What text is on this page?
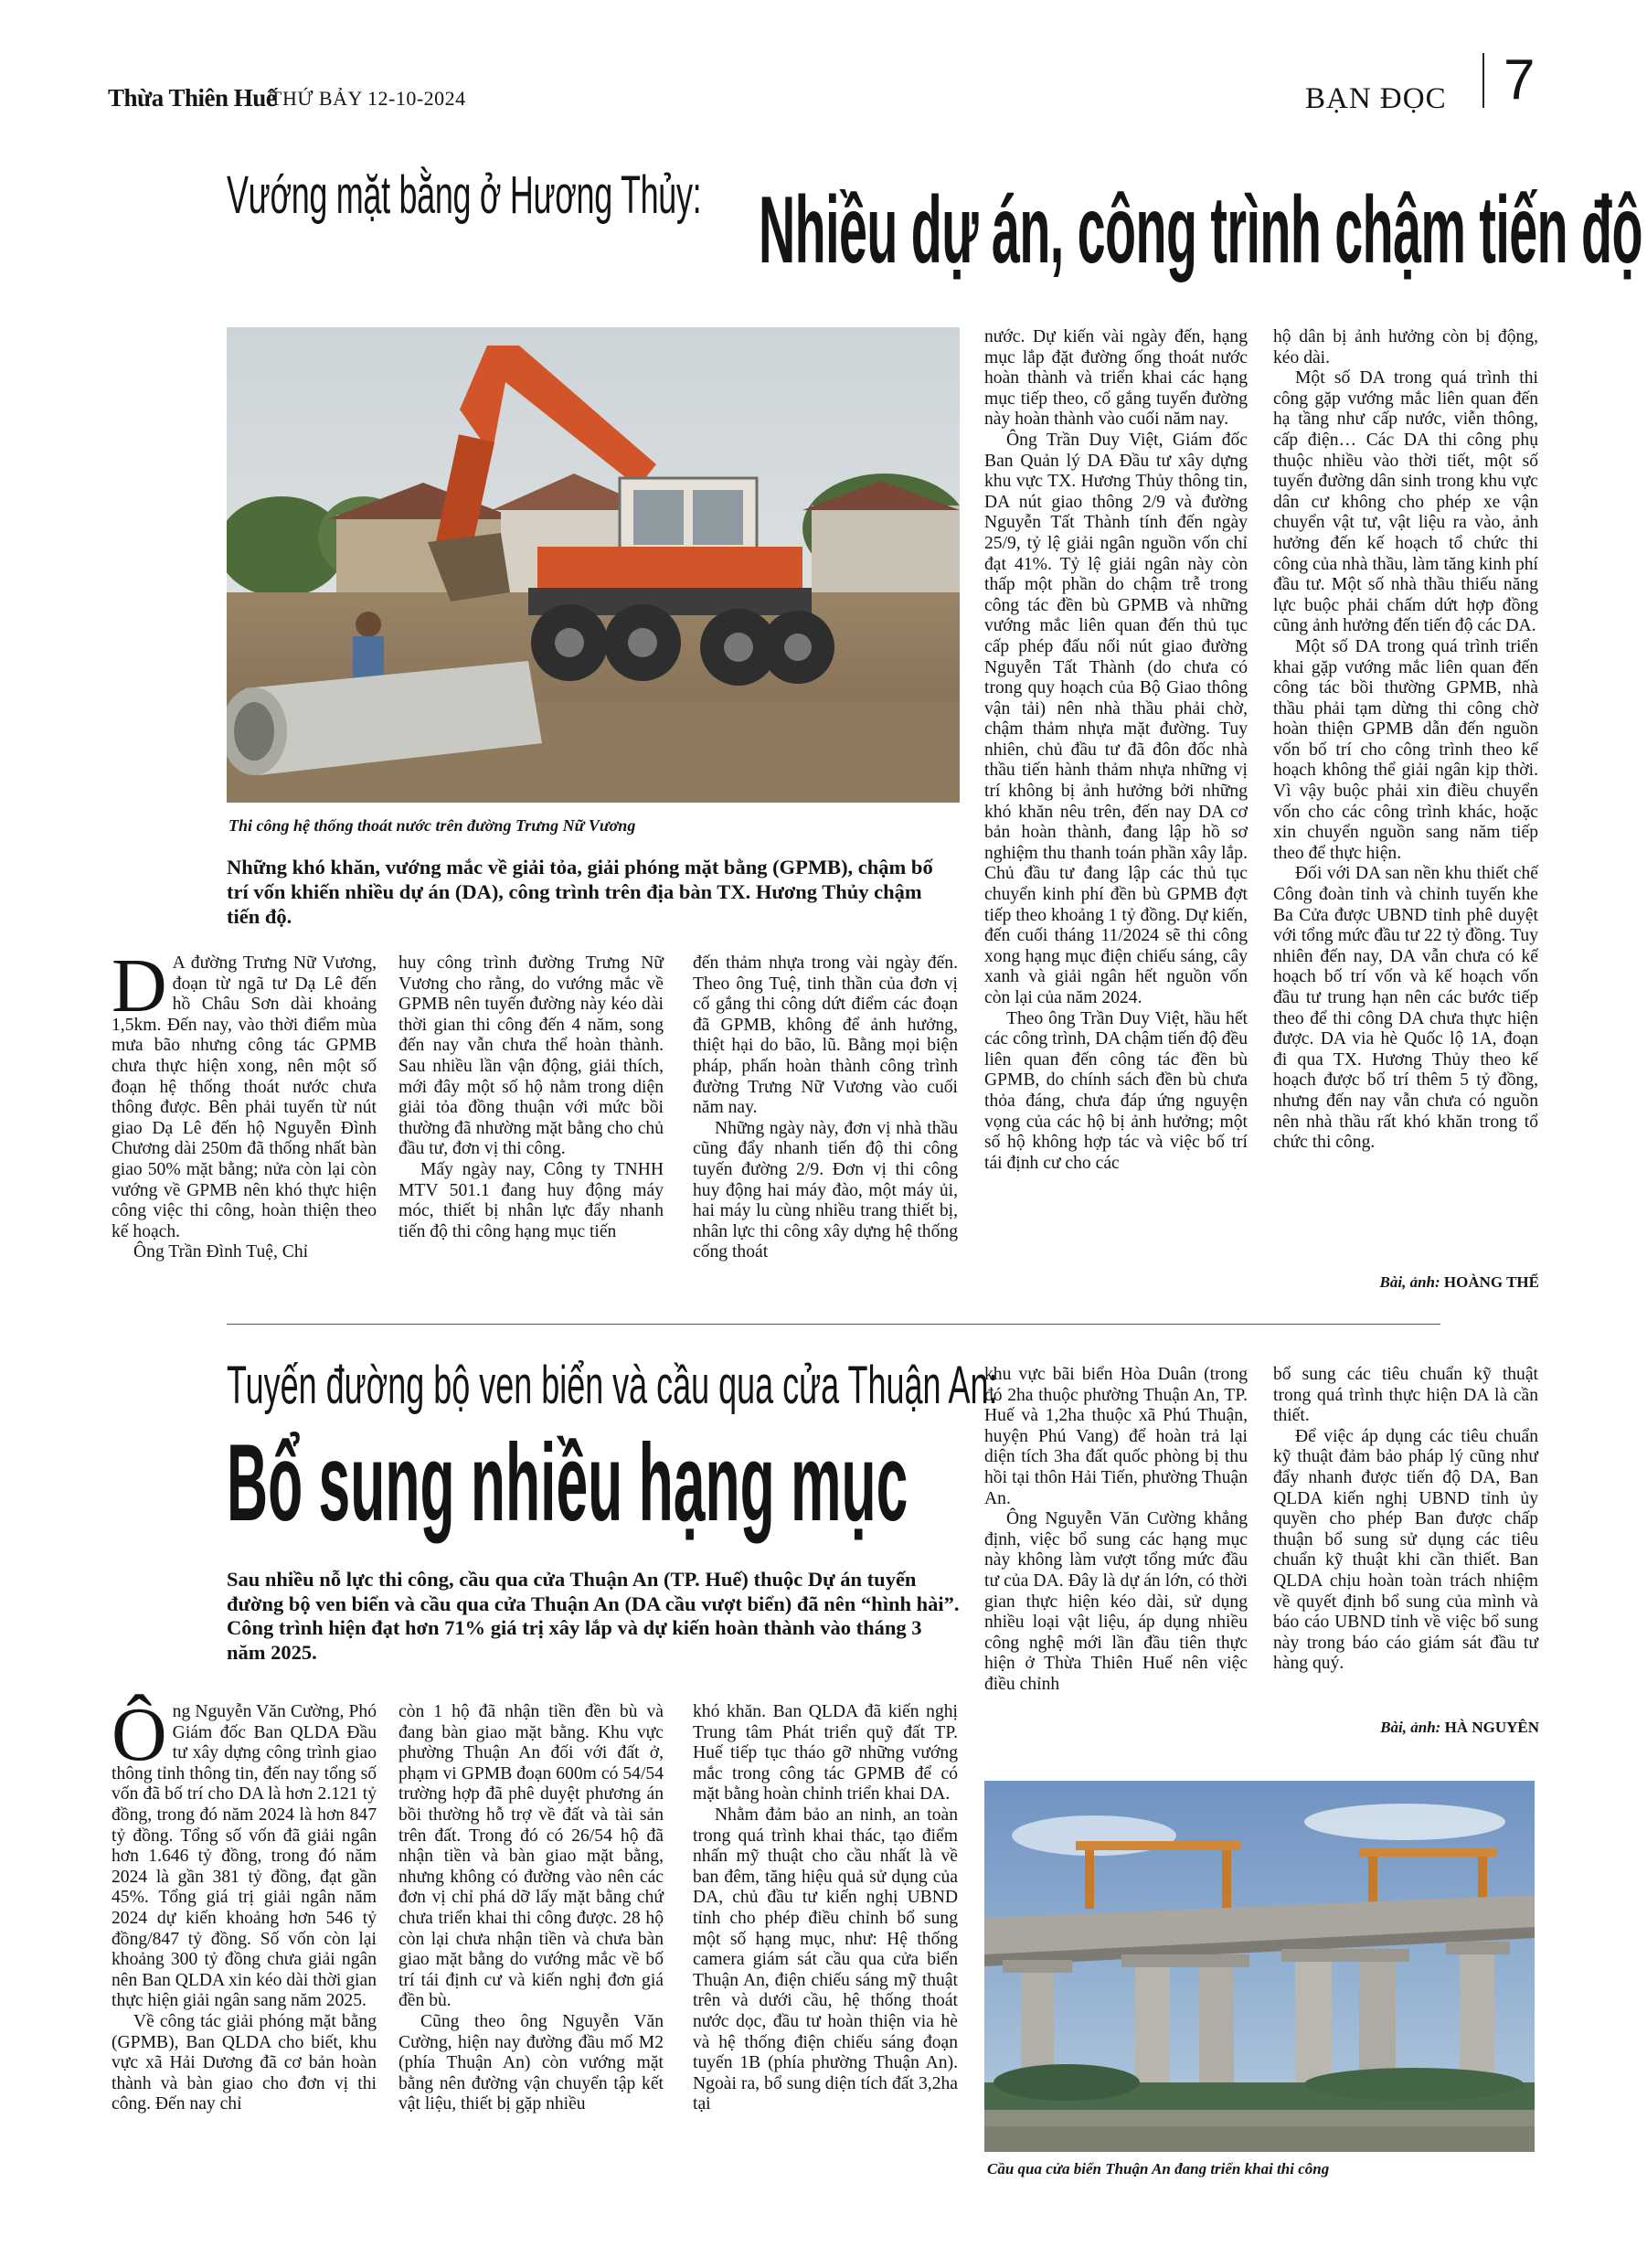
Thừa Thiên Huế
THỨ BẢY 12-10-2024	BẠN ĐỌC 7
Vướng mặt bằng ở Hương Thủy: Nhiều dự án, công trình chậm tiến độ
Thi công hệ thống thoát nước trên đường Trưng Nữ Vương
Những khó khăn, vướng mắc về giải tỏa, giải phóng mặt bằng (GPMB), chậm bố trí vốn khiến nhiều dự án (DA), công trình trên địa bàn TX. Hương Thủy chậm tiến độ.

D A đường Trưng Nữ Vương, đoạn từ ngã tư Dạ Lê đến hồ Châu Sơn dài khoảng 1,5km. Đến nay, vào thời điểm mùa mưa bão nhưng công tác GPMB chưa thực hiện xong, nên một số đoạn hệ thống thoát nước chưa thông được. Bên phải tuyến từ nút giao Dạ Lê đến hộ Nguyễn Đình Chương dài 250m đã thống nhất bàn giao 50% mặt bằng; nửa còn lại còn vướng về GPMB nên khó thực hiện công việc thi công, hoàn thiện theo kế hoạch.

Ông Trần Đình Tuệ, Chỉ

huy công trình đường Trưng Nữ Vương cho rằng, do vướng mắc về GPMB nên tuyến đường này kéo dài thời gian thi công đến 4 năm, song đến nay vẫn chưa thể hoàn thành. Sau nhiều lần vận động, giải thích, mới đây một số hộ nằm trong diện giải tỏa đồng thuận với mức bồi thường đã nhường mặt bằng cho chủ đầu tư, đơn vị thi công.

Mấy ngày nay, Công ty TNHH MTV 501.1 đang huy động máy móc, thiết bị nhân lực đẩy nhanh tiến độ thi công hạng mục tiến

đến thảm nhựa trong vài ngày đến. Theo ông Tuệ, tinh thần của đơn vị cố gắng thi công dứt điểm các đoạn đã GPMB, không để ảnh hưởng, thiệt hại do bão, lũ. Bằng mọi biện pháp, phấn hoàn thành công trình đường Trưng Nữ Vương vào cuối năm nay.

Những ngày này, đơn vị nhà thầu cũng đẩy nhanh tiến độ thi công tuyến đường 2/9. Đơn vị thi công huy động hai máy đào, một máy ủi, hai máy lu cùng nhiều trang thiết bị, nhân lực thi công xây dựng hệ thống cống thoát

nước. Dự kiến vài ngày đến, hạng mục lắp đặt đường ống thoát nước hoàn thành và triển khai các hạng mục tiếp theo, cố gắng tuyến đường này hoàn thành vào cuối năm nay.

Ông Trần Duy Việt, Giám đốc Ban Quản lý DA Đầu tư xây dựng khu vực TX. Hương Thủy thông tin, DA nút giao thông 2/9 và đường Nguyễn Tất Thành tính đến ngày 25/9, tỷ lệ giải ngân nguồn vốn chỉ đạt 41%. Tỷ lệ giải ngân này còn thấp một phần do chậm trễ trong công tác đền bù GPMB và những vướng mắc liên quan đến thủ tục cấp phép đấu nối nút giao đường Nguyễn Tất Thành (do chưa có trong quy hoạch của Bộ Giao thông vận tải) nên nhà thầu phải chờ, chậm thảm nhựa mặt đường. Tuy nhiên, chủ đầu tư đã đôn đốc nhà thầu tiến hành thảm nhựa những vị trí không bị ảnh hưởng bởi những khó khăn nêu trên, đến nay DA cơ bản hoàn thành, đang lập hồ sơ nghiệm thu thanh toán phần xây lắp. Chủ đầu tư đang lập các thủ tục chuyển kinh phí đền bù GPMB đợt tiếp theo khoảng 1 tỷ đồng. Dự kiến, đến cuối tháng 11/2024 sẽ thi công xong hạng mục điện chiếu sáng, cây xanh và giải ngân hết nguồn vốn còn lại của năm 2024.

Theo ông Trần Duy Việt, hầu hết các công trình, DA chậm tiến độ đều liên quan đến công tác đền bù GPMB, do chính sách đền bù chưa thỏa đáng, chưa đáp ứng nguyện vọng của các hộ bị ảnh hưởng; một số hộ không hợp tác và việc bố trí tái định cư cho các

hộ dân bị ảnh hưởng còn bị động, kéo dài.

Một số DA trong quá trình thi công gặp vướng mắc liên quan đến hạ tầng như cấp nước, viễn thông, cấp điện… Các DA thi công phụ thuộc nhiều vào thời tiết, một số tuyến đường dân sinh trong khu vực dân cư không cho phép xe vận chuyển vật tư, vật liệu ra vào, ảnh hưởng đến kế hoạch tổ chức thi công của nhà thầu, làm tăng kinh phí đầu tư. Một số nhà thầu thiếu năng lực buộc phải chấm dứt hợp đồng cũng ảnh hưởng đến tiến độ các DA.

Một số DA trong quá trình triển khai gặp vướng mắc liên quan đến công tác bồi thường GPMB, nhà thầu phải tạm dừng thi công chờ hoàn thiện GPMB dẫn đến nguồn vốn bố trí cho công trình theo kế hoạch không thể giải ngân kịp thời. Vì vậy buộc phải xin điều chuyển vốn cho các công trình khác, hoặc xin chuyển nguồn sang năm tiếp theo để thực hiện.

Đối với DA san nền khu thiết chế Công đoàn tỉnh và chỉnh tuyến khe Ba Cửa được UBND tỉnh phê duyệt với tổng mức đầu tư 22 tỷ đồng. Tuy nhiên đến nay, DA vẫn chưa có kế hoạch bố trí vốn và kế hoạch vốn đầu tư trung hạn nên các bước tiếp theo để thi công DA chưa thực hiện được. DA via hè Quốc lộ 1A, đoạn đi qua TX. Hương Thủy theo kế hoạch được bố trí thêm 5 tỷ đồng, nhưng đến nay vẫn chưa có nguồn nên nhà thầu rất khó khăn trong tổ chức thi công.

Bài, ảnh: HOÀNG THỂ
Tuyến đường bộ ven biển và cầu qua cửa Thuận An:
Bổ sung nhiều hạng mục
Sau nhiều nỗ lực thi công, cầu qua cửa Thuận An (TP. Huế) thuộc Dự án tuyến đường bộ ven biển và cầu qua cửa Thuận An (DA cầu vượt biển) đã nên “hình hài”. Công trình hiện đạt hơn 71% giá trị xây lắp và dự kiến hoàn thành vào tháng 3 năm 2025.

Ông Nguyễn Văn Cường, Phó Giám đốc Ban QLDA Đầu tư xây dựng công trình giao thông tỉnh thông tin, đến nay tổng số vốn đã bố trí cho DA là hơn 2.121 tỷ đồng, trong đó năm 2024 là hơn 847 tỷ đồng. Tổng số vốn đã giải ngân hơn 1.646 tỷ đồng, trong đó năm 2024 là gần 381 tỷ đồng, đạt gần 45%. Tổng giá trị giải ngân năm 2024 dự kiến khoảng hơn 546 tỷ đồng/847 tỷ đồng. Số vốn còn lại khoảng 300 tỷ đồng chưa giải ngân nên Ban QLDA xin kéo dài thời gian thực hiện giải ngân sang năm 2025.

Về công tác giải phóng mặt bằng (GPMB), Ban QLDA cho biết, khu vực xã Hải Dương đã cơ bản hoàn thành và bàn giao cho đơn vị thi công. Đến nay chỉ

còn 1 hộ đã nhận tiền đền bù và đang bàn giao mặt bằng. Khu vực phường Thuận An đối với đất ở, phạm vi GPMB đoạn 600m có 54/54 trường hợp đã phê duyệt phương án bồi thường hỗ trợ về đất và tài sản trên đất. Trong đó có 26/54 hộ đã nhận tiền và bàn giao mặt bằng, nhưng không có đường vào nên các đơn vị chỉ phá dỡ lấy mặt bằng chứ chưa triển khai thi công được. 28 hộ còn lại chưa nhận tiền và chưa bàn giao mặt bằng do vướng mắc về bố trí tái định cư và kiến nghị đơn giá đền bù.

Cũng theo ông Nguyễn Văn Cường, hiện nay đường đầu mố M2 (phía Thuận An) còn vướng mặt bằng nên đường vận chuyển tập kết vật liệu, thiết bị gặp nhiều

khó khăn. Ban QLDA đã kiến nghị Trung tâm Phát triển quỹ đất TP. Huế tiếp tục tháo gỡ những vướng mắc trong công tác GPMB để có mặt bằng hoàn chỉnh triển khai DA.

Nhằm đảm bảo an ninh, an toàn trong quá trình khai thác, tạo điểm nhấn mỹ thuật cho cầu nhất là về ban đêm, tăng hiệu quả sử dụng của DA, chủ đầu tư kiến nghị UBND tỉnh cho phép điều chỉnh bổ sung một số hạng mục, như: Hệ thống camera giám sát cầu qua cửa biển Thuận An, điện chiếu sáng mỹ thuật trên và dưới cầu, hệ thống thoát nước dọc, đầu tư hoàn thiện via hè và hệ thống điện chiếu sáng đoạn tuyến 1B (phía phường Thuận An). Ngoài ra, bổ sung diện tích đất 3,2ha tại

khu vực bãi biển Hòa Duân (trong đó 2ha thuộc phường Thuận An, TP. Huế và 1,2ha thuộc xã Phú Thuận, huyện Phú Vang) để hoàn trả lại diện tích 3ha đất quốc phòng bị thu hồi tại thôn Hải Tiến, phường Thuận An.

Ông Nguyễn Văn Cường khẳng định, việc bổ sung các hạng mục này không làm vượt tổng mức đầu tư của DA. Đây là dự án lớn, có thời gian thực hiện kéo dài, sử dụng nhiều loại vật liệu, áp dụng nhiều công nghệ mới lần đầu tiên thực hiện ở Thừa Thiên Huế nên việc điều chỉnh

bổ sung các tiêu chuẩn kỹ thuật trong quá trình thực hiện DA là cần thiết.

Để việc áp dụng các tiêu chuẩn kỹ thuật đảm bảo pháp lý cũng như đẩy nhanh được tiến độ DA, Ban QLDA kiến nghị UBND tỉnh ủy quyền cho phép Ban được chấp thuận bổ sung sử dụng các tiêu chuẩn kỹ thuật khi cần thiết. Ban QLDA chịu hoàn toàn trách nhiệm về quyết định bổ sung của mình và báo cáo UBND tỉnh về việc bổ sung này trong báo cáo giám sát đầu tư hàng quý.

Bài, ảnh: HÀ NGUYÊN
Cầu qua cửa biển Thuận An đang triển khai thi công
